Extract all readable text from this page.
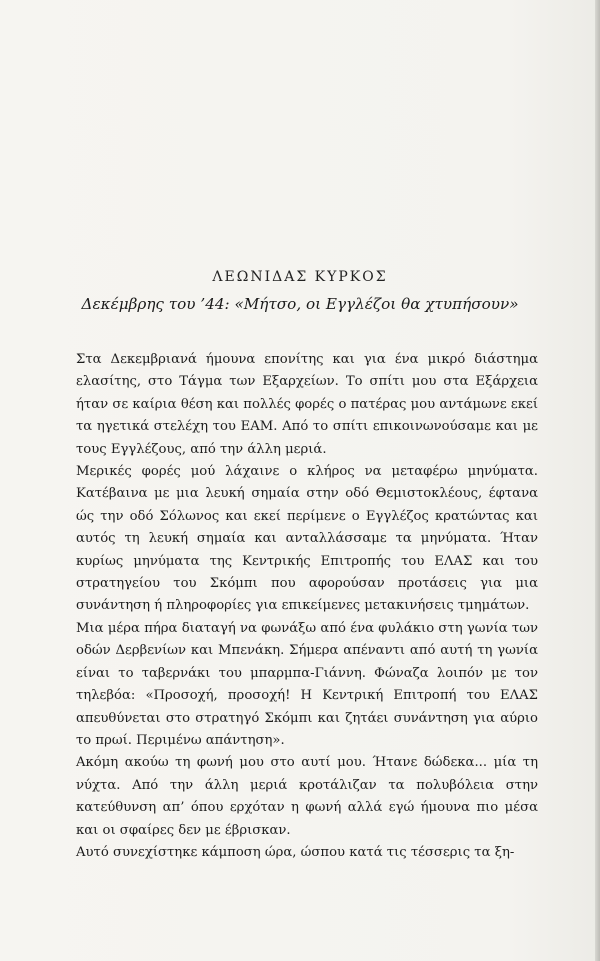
ΛΕΩΝΙΔΑΣ ΚΥΡΚΟΣ
Δεκέμβρης του ’44: «Μήτσο, οι Εγγλέζοι θα χτυπήσουν»

Στα Δεκεμβριανά ήμουνα επονίτης και για ένα μικρό διάστημα ελασίτης, στο Τάγμα των Εξαρχείων. Το σπίτι μου στα Εξάρχεια ήταν σε καίρια θέση και πολλές φορές ο πατέρας μου αντάμωνε εκεί τα ηγετικά στελέχη του ΕΑΜ. Από το σπίτι επικοινωνούσαμε και με τους Εγγλέζους, από την άλλη μεριά.

Μερικές φορές μού λάχαινε ο κλήρος να μεταφέρω μηνύματα. Κατέβαινα με μια λευκή σημαία στην οδό Θεμιστοκλέους, έφτανα ώς την οδό Σόλωνος και εκεί περίμενε ο Εγγλέζος κρατώντας και αυτός τη λευκή σημαία και ανταλλάσσαμε τα μηνύματα. Ήταν κυρίως μηνύματα της Κεντρικής Επιτροπής του ΕΛΑΣ και του στρατηγείου του Σκόμπι που αφορούσαν προτάσεις για μια συνάντηση ή πληροφορίες για επικείμενες μετακινήσεις τμημάτων.

Μια μέρα πήρα διαταγή να φωνάξω από ένα φυλάκιο στη γωνία των οδών Δερβενίων και Μπενάκη. Σήμερα απέναντι από αυτή τη γωνία είναι το ταβερνάκι του μπαρμπα-Γιάννη. Φώναζα λοιπόν με τον τηλεβόα: «Προσοχή, προσοχή! Η Κεντρική Επιτροπή του ΕΛΑΣ απευθύνεται στο στρατηγό Σκόμπι και ζητάει συνάντηση για αύριο το πρωί. Περιμένω απάντηση».

Ακόμη ακούω τη φωνή μου στο αυτί μου. Ήτανε δώδεκα... μία τη νύχτα. Από την άλλη μεριά κροτάλιζαν τα πολυβόλεια στην κατεύθυνση απ’ όπου ερχόταν η φωνή αλλά εγώ ήμουνα πιο μέσα και οι σφαίρες δεν με έβρισκαν.

Αυτό συνεχίστηκε κάμποση ώρα, ώσπου κατά τις τέσσερις τα ξη-
